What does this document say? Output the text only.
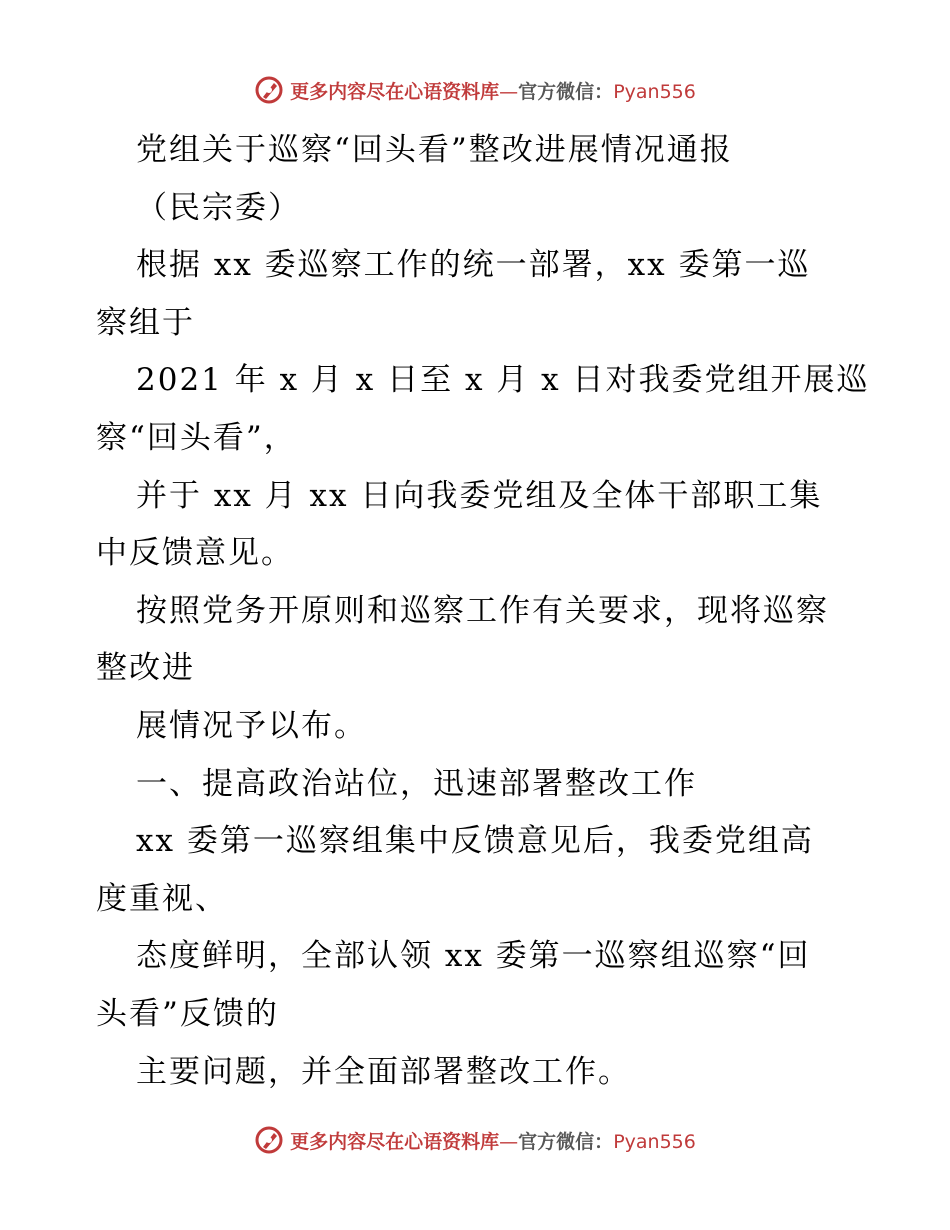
更多内容尽在心语资料库—官方微信：Pyan556
党组关于巡察“回头看”整改进展情况通报
（民宗委）
根据 xx 委巡察工作的统一部署，xx 委第一巡
察组于
2021 年 x 月 x 日至 x 月 x 日对我委党组开展巡
察“回头看”，
并于 xx 月 xx 日向我委党组及全体干部职工集
中反馈意见。
按照党务开原则和巡察工作有关要求，现将巡察
整改进
展情况予以布。
一、提高政治站位，迅速部署整改工作
xx 委第一巡察组集中反馈意见后，我委党组高
度重视、
态度鲜明，全部认领 xx 委第一巡察组巡察“回
头看”反馈的
主要问题，并全面部署整改工作。
更多内容尽在心语资料库—官方微信：Pyan556
